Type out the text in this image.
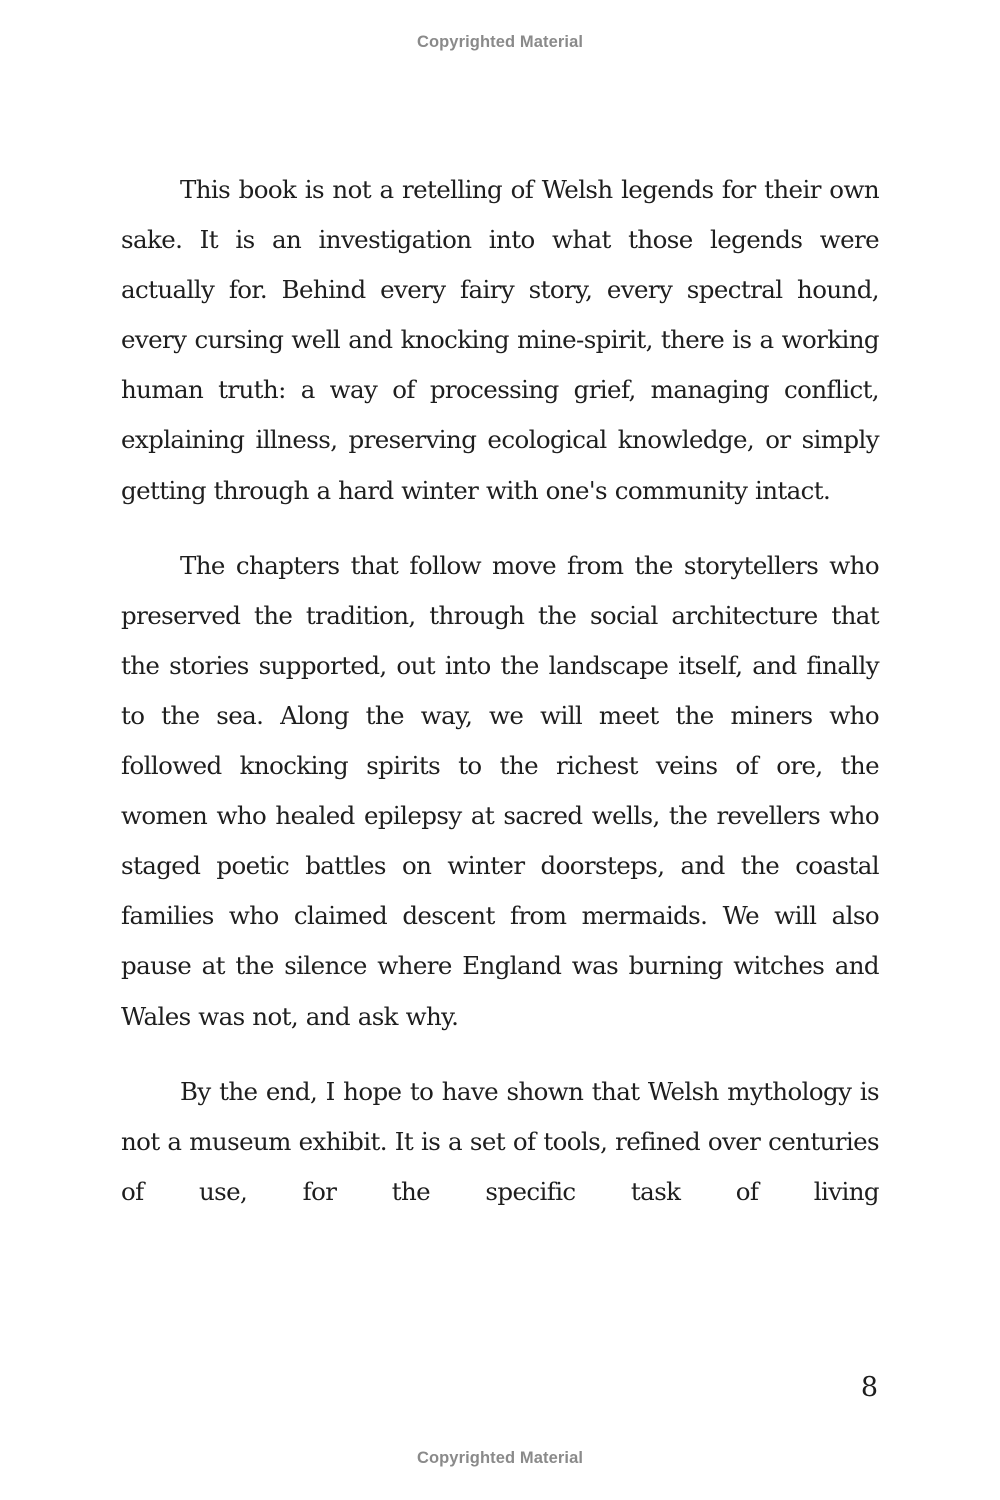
Copyrighted Material

This book is not a retelling of Welsh legends for their own sake. It is an investigation into what those legends were actually for. Behind every fairy story, every spectral hound, every cursing well and knocking mine-spirit, there is a working human truth: a way of processing grief, managing conflict, explaining illness, preserving ecological knowledge, or simply getting through a hard winter with one's community intact.

The chapters that follow move from the storytellers who preserved the tradition, through the social architecture that the stories supported, out into the landscape itself, and finally to the sea. Along the way, we will meet the miners who followed knocking spirits to the richest veins of ore, the women who healed epilepsy at sacred wells, the revellers who staged poetic battles on winter doorsteps, and the coastal families who claimed descent from mermaids. We will also pause at the silence where England was burning witches and Wales was not, and ask why.

By the end, I hope to have shown that Welsh mythology is not a museum exhibit. It is a set of tools, refined over centuries of use, for the specific task of living

8
Copyrighted Material
